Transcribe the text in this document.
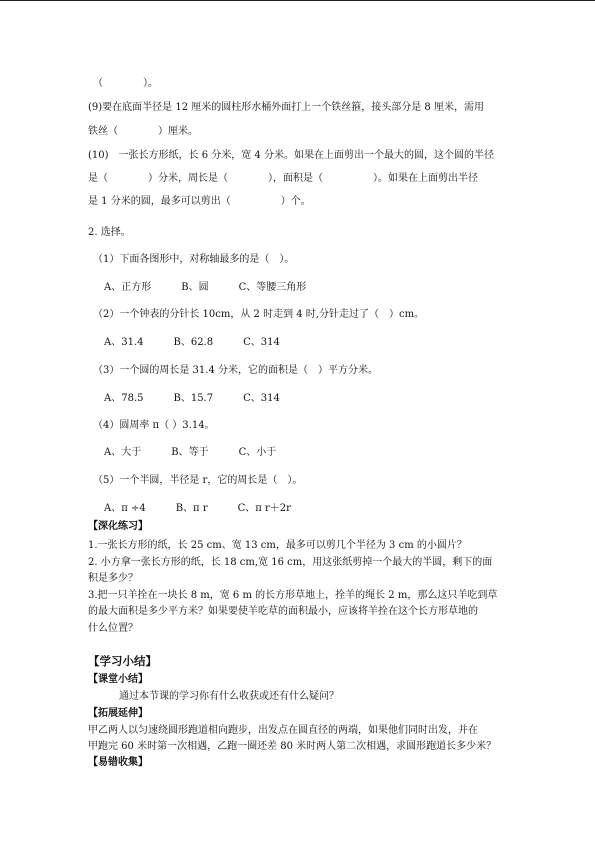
（　　　　）。
(9)要在底面半径是 12 厘米的圆柱形水桶外面打上一个铁丝箍，接头部分是 8 厘米，需用
铁丝（　　　　）厘米。
(10)　一张长方形纸，长 6 分米，宽 4 分米。如果在上面剪出一个最大的圆，这个圆的半径
是（　　　　）分米，周长是（　　　　），面积是（　　　　　）。如果在上面剪出半径
是 1 分米的圆，最多可以剪出（　　　　　）个。
2. 选择。
（1）下面各图形中，对称轴最多的是（　）。
A、正方形　　　B、圆　　　C、等腰三角形
（2）一个钟表的分针长 10cm，从 2 时走到 4 时,分针走过了（　）cm。
A、31.4　　　B、62.8　　　C、314
（3）一个圆的周长是 31.4 分米，它的面积是（　）平方分米。
A、78.5　　　B、15.7　　　C、314
（4）圆周率 π（ ）3.14。
A、大于　　　B、等于　　　C、小于
（5）一个半圆，半径是 r，它的周长是（　）。
A、π ÷4　　　B、π r　　　C、π r＋2r
【深化练习】
1.一张长方形的纸，长 25 cm、宽 13 cm，最多可以剪几个半径为 3 cm 的小圆片？
2. 小方拿一张长方形的纸，长 18 cm,宽 16 cm，用这张纸剪掉一个最大的半圆，剩下的面
积是多少？
3.把一只羊拴在一块长 8 m，宽 6 m 的长方形草地上，拴羊的绳长 2 m，那么这只羊吃到草
的最大面积是多少平方米？如果要使羊吃草的面积最小，应该将羊拴在这个长方形草地的
什么位置？
【学习小结】
【课堂小结】
通过本节课的学习你有什么收获或还有什么疑问？
【拓展延伸】
甲乙两人以匀速绕圆形跑道相向跑步，出发点在圆直径的两端，如果他们同时出发，并在
甲跑完 60 米时第一次相遇，乙跑一圈还差 80 米时两人第二次相遇，求圆形跑道长多少米？
【易错收集】
